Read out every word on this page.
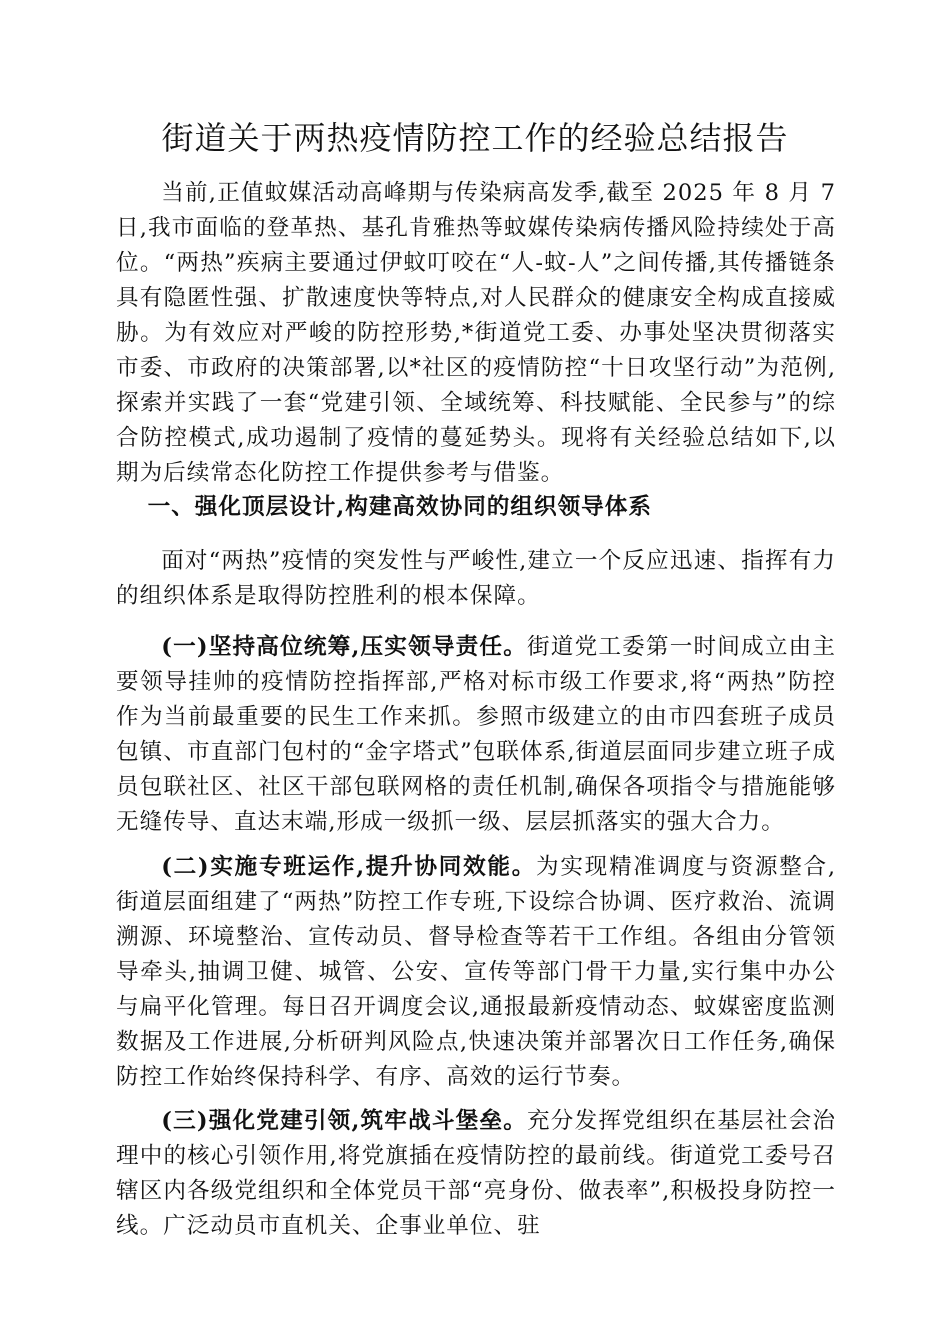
街道关于两热疫情防控工作的经验总结报告

当前,正值蚊媒活动高峰期与传染病高发季,截至 2025 年 8 月 7 日,我市面临的登革热、基孔肯雅热等蚊媒传染病传播风险持续处于高位。“两热”疾病主要通过伊蚊叮咬在“人-蚊-人”之间传播,其传播链条具有隐匿性强、扩散速度快等特点,对人民群众的健康安全构成直接威胁。为有效应对严峻的防控形势,*街道党工委、办事处坚决贯彻落实市委、市政府的决策部署,以*社区的疫情防控“十日攻坚行动”为范例,探索并实践了一套“党建引领、全域统筹、科技赋能、全民参与”的综合防控模式,成功遏制了疫情的蔓延势头。现将有关经验总结如下,以期为后续常态化防控工作提供参考与借鉴。

一、强化顶层设计,构建高效协同的组织领导体系

面对“两热”疫情的突发性与严峻性,建立一个反应迅速、指挥有力的组织体系是取得防控胜利的根本保障。

(一)坚持高位统筹,压实领导责任。街道党工委第一时间成立由主要领导挂帅的疫情防控指挥部,严格对标市级工作要求,将“两热”防控作为当前最重要的民生工作来抓。参照市级建立的由市四套班子成员包镇、市直部门包村的“金字塔式”包联体系,街道层面同步建立班子成员包联社区、社区干部包联网格的责任机制,确保各项指令与措施能够无缝传导、直达末端,形成一级抓一级、层层抓落实的强大合力。

(二)实施专班运作,提升协同效能。为实现精准调度与资源整合,街道层面组建了“两热”防控工作专班,下设综合协调、医疗救治、流调溯源、环境整治、宣传动员、督导检查等若干工作组。各组由分管领导牵头,抽调卫健、城管、公安、宣传等部门骨干力量,实行集中办公与扁平化管理。每日召开调度会议,通报最新疫情动态、蚊媒密度监测数据及工作进展,分析研判风险点,快速决策并部署次日工作任务,确保防控工作始终保持科学、有序、高效的运行节奏。

(三)强化党建引领,筑牢战斗堡垒。充分发挥党组织在基层社会治理中的核心引领作用,将党旗插在疫情防控的最前线。街道党工委号召辖区内各级党组织和全体党员干部“亮身份、做表率”,积极投身防控一线。广泛动员市直机关、企事业单位、驻
